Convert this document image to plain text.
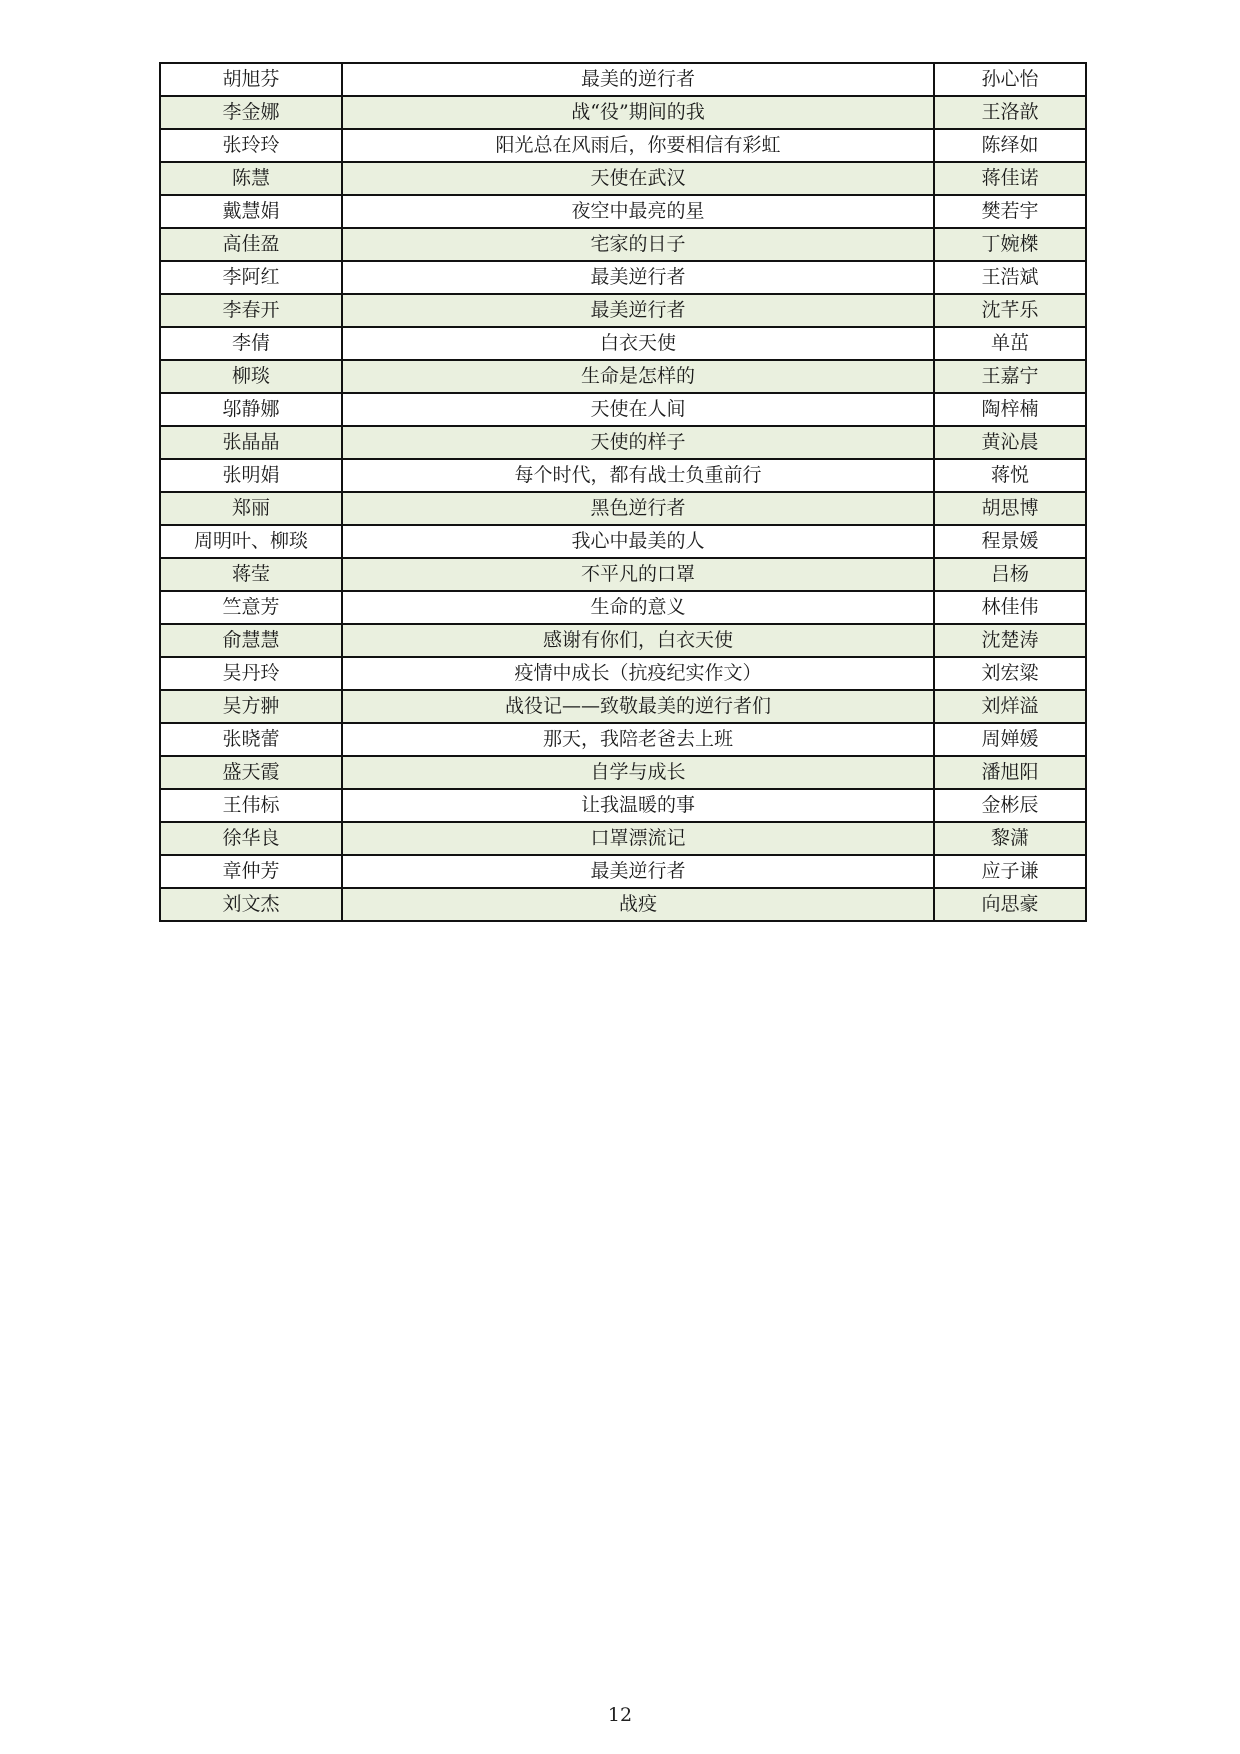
胡旭芬	最美的逆行者	孙心怡
李金娜	战“役”期间的我	王洛歆
张玲玲	阳光总在风雨后，你要相信有彩虹	陈绎如
陈慧	天使在武汉	蒋佳诺
戴慧娟	夜空中最亮的星	樊若宇
高佳盈	宅家的日子	丁婉榤
李阿红	最美逆行者	王浩斌
李春开	最美逆行者	沈芊乐
李倩	白衣天使	单茁
柳琰	生命是怎样的	王嘉宁
邬静娜	天使在人间	陶梓楠
张晶晶	天使的样子	黄沁晨
张明娟	每个时代，都有战士负重前行	蒋悦
郑丽	黑色逆行者	胡思博
周明叶、柳琰	我心中最美的人	程景媛
蒋莹	不平凡的口罩	吕杨
竺意芳	生命的意义	林佳伟
俞慧慧	感谢有你们，白衣天使	沈楚涛
吴丹玲	疫情中成长（抗疫纪实作文）	刘宏粱
吴方翀	战役记——致敬最美的逆行者们	刘烊溢
张晓蕾	那天，我陪老爸去上班	周婵媛
盛天霞	自学与成长	潘旭阳
王伟标	让我温暖的事	金彬辰
徐华良	口罩漂流记	黎潇
章仲芳	最美逆行者	应子谦
刘文杰	战疫	向思豪
12
